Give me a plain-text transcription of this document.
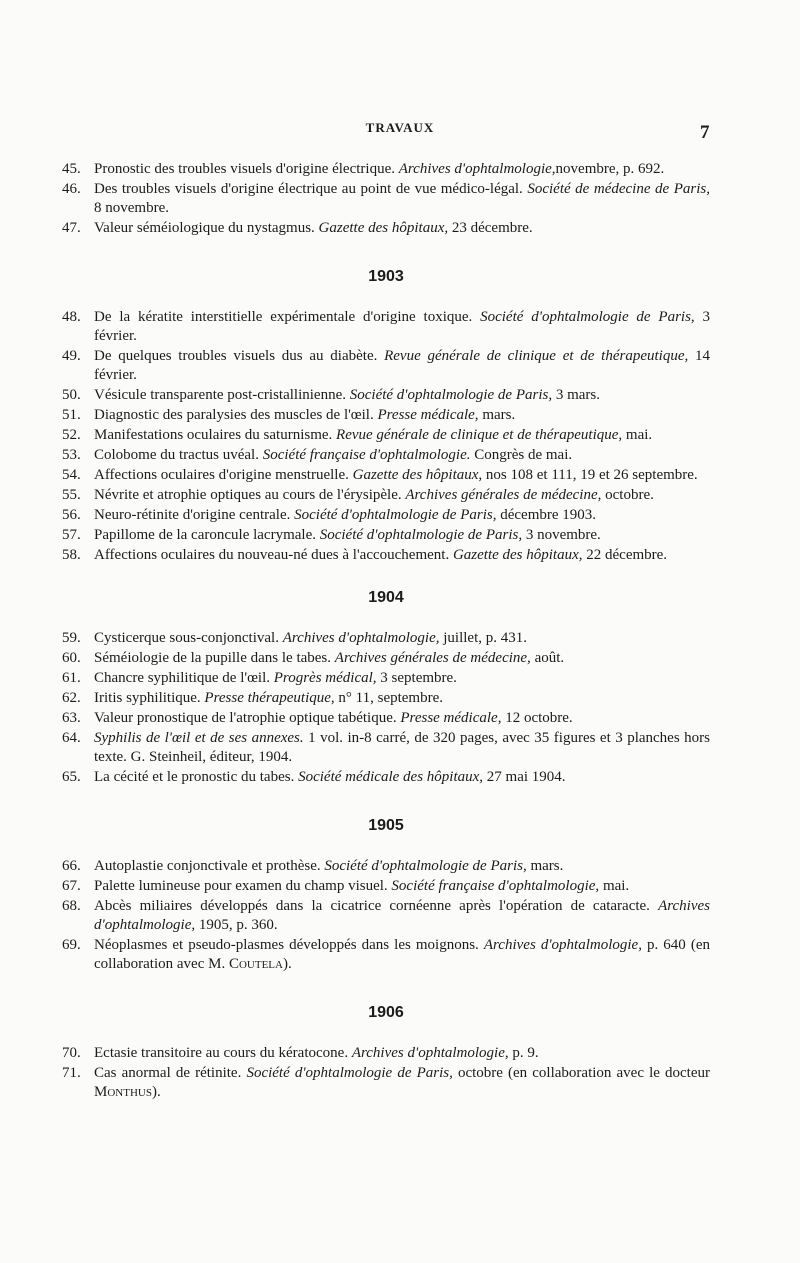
TRAVAUX	7
45. Pronostic des troubles visuels d'origine électrique. Archives d'ophtalmologie,novembre, p. 692.
46. Des troubles visuels d'origine électrique au point de vue médico-légal. Société de médecine de Paris, 8 novembre.
47. Valeur séméiologique du nystagmus. Gazette des hôpitaux, 23 décembre.
1903
48. De la kératite interstitielle expérimentale d'origine toxique. Société d'ophtalmologie de Paris, 3 février.
49. De quelques troubles visuels dus au diabète. Revue générale de clinique et de thérapeutique, 14 février.
50. Vésicule transparente post-cristallinienne. Société d'ophtalmologie de Paris, 3 mars.
51. Diagnostic des paralysies des muscles de l'œil. Presse médicale, mars.
52. Manifestations oculaires du saturnisme. Revue générale de clinique et de thérapeutique, mai.
53. Colobome du tractus uvéal. Société française d'ophtalmologie. Congrès de mai.
54. Affections oculaires d'origine menstruelle. Gazette des hôpitaux, nos 108 et 111, 19 et 26 septembre.
55. Névrite et atrophie optiques au cours de l'érysipèle. Archives générales de médecine, octobre.
56. Neuro-rétinite d'origine centrale. Société d'ophtalmologie de Paris, décembre 1903.
57. Papillome de la caroncule lacrymale. Société d'ophtalmologie de Paris, 3 novembre.
58. Affections oculaires du nouveau-né dues à l'accouchement. Gazette des hôpitaux, 22 décembre.
1904
59. Cysticerque sous-conjonctival. Archives d'ophtalmologie, juillet, p. 431.
60. Séméiologie de la pupille dans le tabes. Archives générales de médecine, août.
61. Chancre syphilitique de l'œil. Progrès médical, 3 septembre.
62. Iritis syphilitique. Presse thérapeutique, n° 11, septembre.
63. Valeur pronostique de l'atrophie optique tabétique. Presse médicale, 12 octobre.
64. Syphilis de l'œil et de ses annexes. 1 vol. in-8 carré, de 320 pages, avec 35 figures et 3 planches hors texte. G. Steinheil, éditeur, 1904.
65. La cécité et le pronostic du tabes. Société médicale des hôpitaux, 27 mai 1904.
1905
66. Autoplastie conjonctivale et prothèse. Société d'ophtalmologie de Paris, mars.
67. Palette lumineuse pour examen du champ visuel. Société française d'ophtalmologie, mai.
68. Abcès miliaires développés dans la cicatrice cornéenne après l'opération de cataracte. Archives d'ophtalmologie, 1905, p. 360.
69. Néoplasmes et pseudo-plasmes développés dans les moignons. Archives d'ophtalmologie, p. 640 (en collaboration avec M. Coutela).
1906
70. Ectasie transitoire au cours du kératocone. Archives d'ophtalmologie, p. 9.
71. Cas anormal de rétinite. Société d'ophtalmologie de Paris, octobre (en collaboration avec le docteur Monthus).
